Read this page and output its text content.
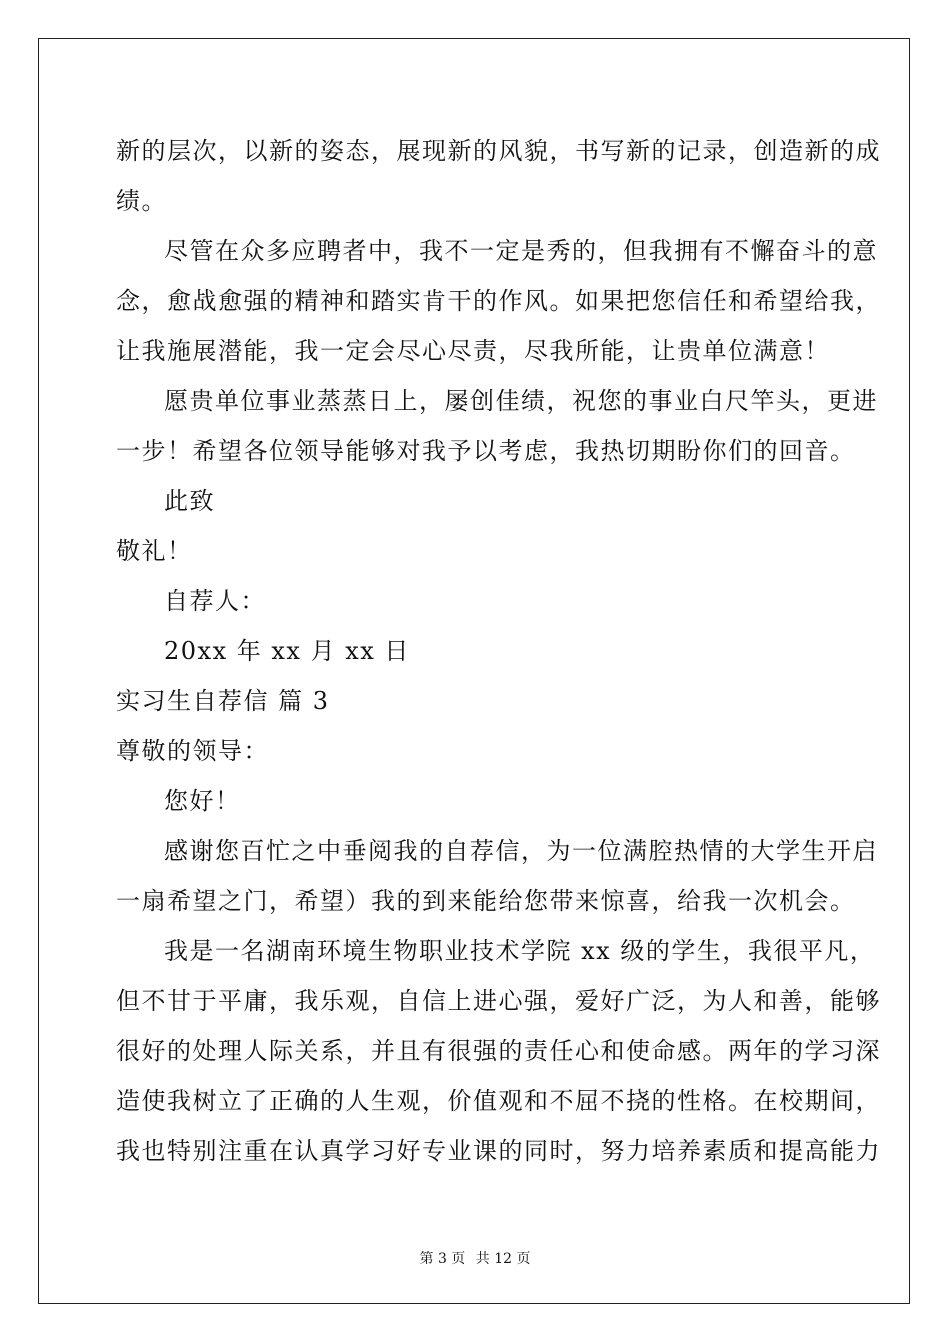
新的层次，以新的姿态，展现新的风貌，书写新的记录，创造新的成
绩。
尽管在众多应聘者中，我不一定是秀的，但我拥有不懈奋斗的意
念，愈战愈强的精神和踏实肯干的作风。如果把您信任和希望给我，
让我施展潜能，我一定会尽心尽责，尽我所能，让贵单位满意！
愿贵单位事业蒸蒸日上，屡创佳绩，祝您的事业白尺竿头，更进
一步！希望各位领导能够对我予以考虑，我热切期盼你们的回音。
此致
敬礼！
自荐人：
20xx 年 xx 月 xx 日
实习生自荐信 篇 3
尊敬的领导：
您好！
感谢您百忙之中垂阅我的自荐信，为一位满腔热情的大学生开启
一扇希望之门，希望）我的到来能给您带来惊喜，给我一次机会。
我是一名湖南环境生物职业技术学院 xx 级的学生，我很平凡，
但不甘于平庸，我乐观，自信上进心强，爱好广泛，为人和善，能够
很好的处理人际关系，并且有很强的责任心和使命感。两年的学习深
造使我树立了正确的人生观，价值观和不屈不挠的性格。在校期间，
我也特别注重在认真学习好专业课的同时，努力培养素质和提高能力
第 3 页 共 12 页
